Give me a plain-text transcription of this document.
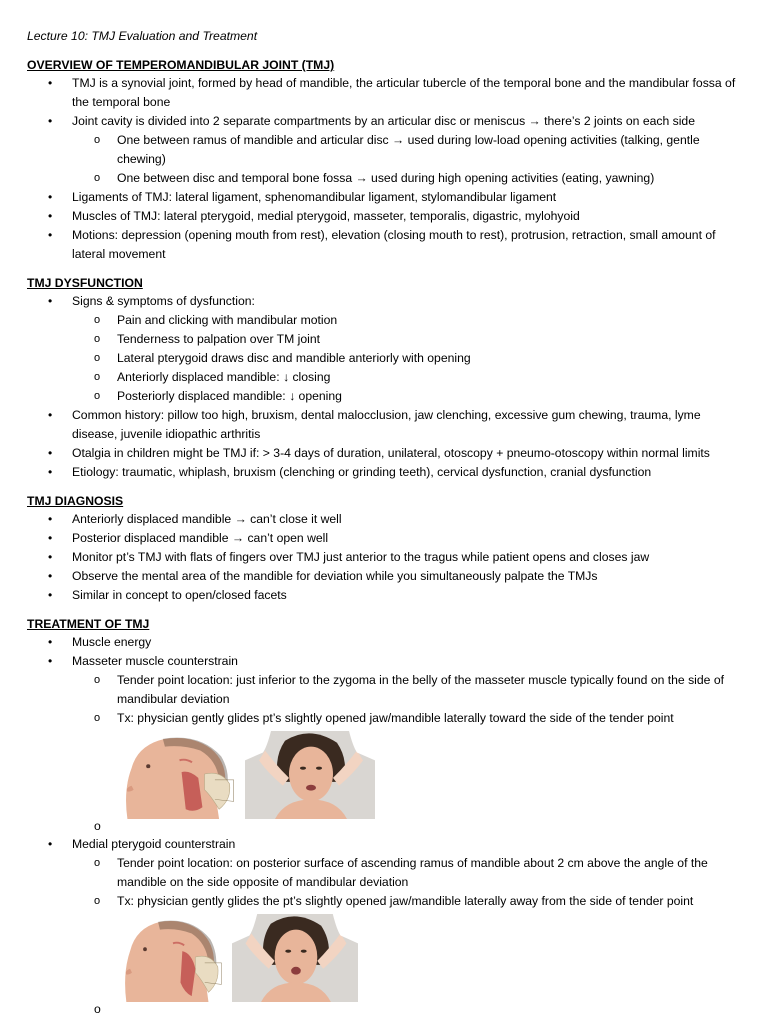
Lecture 10: TMJ Evaluation and Treatment

OVERVIEW OF TEMPEROMANDIBULAR JOINT (TMJ)

• TMJ is a synovial joint, formed by head of mandible, the articular tubercle of the temporal bone and the mandibular fossa of the temporal bone
• Joint cavity is divided into 2 separate compartments by an articular disc or meniscus → there’s 2 joints on each side
o One between ramus of mandible and articular disc → used during low-load opening activities (talking, gentle chewing)
o One between disc and temporal bone fossa → used during high opening activities (eating, yawning)
• Ligaments of TMJ: lateral ligament, sphenomandibular ligament, stylomandibular ligament
• Muscles of TMJ: lateral pterygoid, medial pterygoid, masseter, temporalis, digastric, mylohyoid
• Motions: depression (opening mouth from rest), elevation (closing mouth to rest), protrusion, retraction, small amount of lateral movement

TMJ DYSFUNCTION

• Signs & symptoms of dysfunction:
o Pain and clicking with mandibular motion
o Tenderness to palpation over TM joint
o Lateral pterygoid draws disc and mandible anteriorly with opening
o Anteriorly displaced mandible: ↓ closing
o Posteriorly displaced mandible: ↓ opening
• Common history: pillow too high, bruxism, dental malocclusion, jaw clenching, excessive gum chewing, trauma, lyme disease, juvenile idiopathic arthritis
• Otalgia in children might be TMJ if: > 3-4 days of duration, unilateral, otoscopy + pneumo-otoscopy within normal limits
• Etiology: traumatic, whiplash, bruxism (clenching or grinding teeth), cervical dysfunction, cranial dysfunction

TMJ DIAGNOSIS

• Anteriorly displaced mandible → can’t close it well
• Posterior displaced mandible → can’t open well
• Monitor pt’s TMJ with flats of fingers over TMJ just anterior to the tragus while patient opens and closes jaw
• Observe the mental area of the mandible for deviation while you simultaneously palpate the TMJs
• Similar in concept to open/closed facets

TREATMENT OF TMJ

• Muscle energy
• Masseter muscle counterstrain
o Tender point location: just inferior to the zygoma in the belly of the masseter muscle typically found on the side of mandibular deviation
o Tx: physician gently glides pt’s slightly opened jaw/mandible laterally toward the side of the tender point
o
• Medial pterygoid counterstrain
o Tender point location: on posterior surface of ascending ramus of mandible about 2 cm above the angle of the mandible on the side opposite of mandibular deviation
o Tx: physician gently glides the pt’s slightly opened jaw/mandible laterally away from the side of tender point
o
